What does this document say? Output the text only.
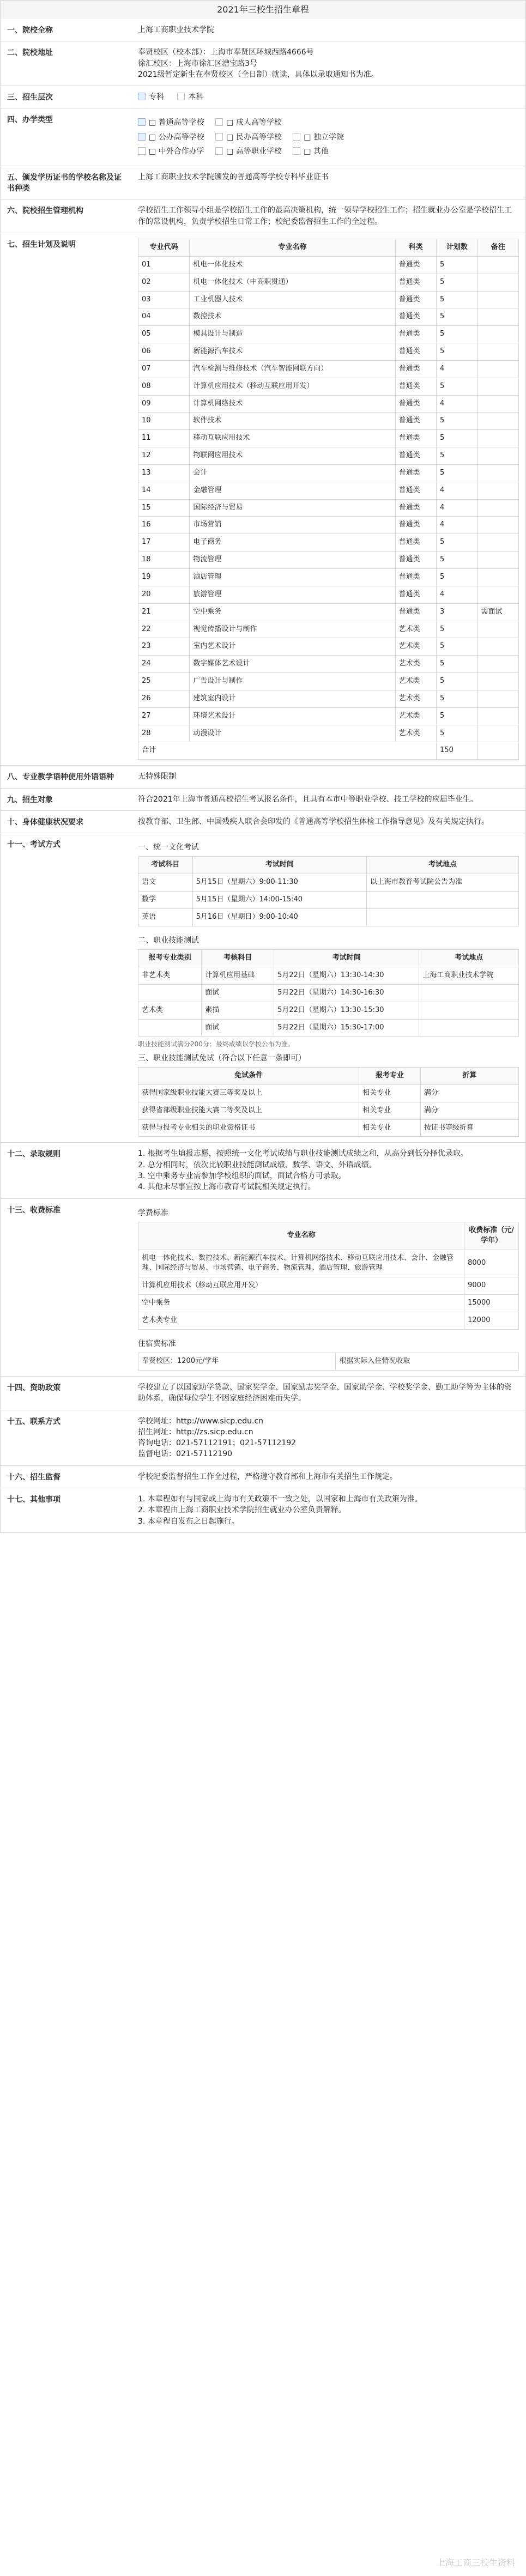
2021年三校生招生章程
一、院校全称	上海工商职业技术学院
二、院校地址	奉贤校区（校本部）：上海市奉贤区环城西路4666号
徐汇校区：上海市徐汇区漕宝路3号
2021级暂定新生在奉贤校区（全日制）就读，具体以录取通知书为准。
三、招生层次	专科	本科
四、办学类型	□ 普通高等学校	□ 成人高等学校
□ 公办高等学校	□ 民办高等学校	□ 独立学院
□ 中外合作办学	□ 高等职业学校	□ 其他
五、颁发学历证书的学校名称及证书种类
上海工商职业技术学院颁发的普通高等学校专科毕业证书
六、院校招生管理机构	学校招生工作领导小组是学校招生工作的最高决策机构，统一领导学校招生工作；招生就业办公室是学校招生工作的常设机构，负责学校招生日常工作；校纪委监督招生工作的全过程。
七、招生计划及说明	专业代码	专业名称	科类	计划数	备注
01	机电一体化技术	普通类	5	
02	机电一体化技术（中高职贯通）	普通类	5	
03	工业机器人技术	普通类	5	
04	数控技术	普通类	5	
05	模具设计与制造	普通类	5	
06	新能源汽车技术	普通类	5	
07	汽车检测与维修技术（汽车智能网联方向）	普通类	4	
08	计算机应用技术（移动互联应用开发）	普通类	5	
09	计算机网络技术	普通类	4	
10	软件技术	普通类	5	
11	移动互联应用技术	普通类	5	
12	物联网应用技术	普通类	5	
13	会计	普通类	5	
14	金融管理	普通类	4	
15	国际经济与贸易	普通类	4	
16	市场营销	普通类	4	
17	电子商务	普通类	5	
18	物流管理	普通类	5	
19	酒店管理	普通类	5	
20	旅游管理	普通类	4	
21	空中乘务	普通类	3	需面试
22	视觉传播设计与制作	艺术类	5	
23	室内艺术设计	艺术类	5	
24	数字媒体艺术设计	艺术类	5	
25	广告设计与制作	艺术类	5	
26	建筑室内设计	艺术类	5	
27	环境艺术设计	艺术类	5	
28	动漫设计	艺术类	5	
合计			150	
八、专业教学语种使用外语语种	无特殊限制
九、招生对象	符合2021年上海市普通高校招生考试报名条件，且具有本市中等职业学校、技工学校的应届毕业生。
十、身体健康状况要求	按教育部、卫生部、中国残疾人联合会印发的《普通高等学校招生体检工作指导意见》及有关规定执行。
十一、考试方式	一、统一文化考试
考试科目	考试时间	考试地点
语文	5月15日（星期六）9:00-11:30	以上海市教育考试院公告为准
数学	5月15日（星期六）14:00-15:40	
英语	5月16日（星期日）9:00-10:40	
二、职业技能测试
报考专业类别	考核科目	考试时间	考试地点
非艺术类	计算机应用基础	5月22日（星期六）13:30-14:30	上海工商职业技术学院
	面试	5月22日（星期六）14:30-16:30	
艺术类	素描	5月22日（星期六）13:30-15:30	
	面试	5月22日（星期六）15:30-17:00	
职业技能测试满分200分；最终成绩以学校公布为准。
三、职业技能测试免试（符合以下任意一条即可）
免试条件	报考专业	折算
获得国家级职业技能大赛三等奖及以上	相关专业	满分
获得省部级职业技能大赛二等奖及以上	相关专业	满分
获得与报考专业相关的职业资格证书	相关专业	按证书等级折算
十二、录取规则	1. 根据考生填报志愿，按照统一文化考试成绩与职业技能测试成绩之和，从高分到低分择优录取。
2. 总分相同时，依次比较职业技能测试成绩、数学、语文、外语成绩。
3. 空中乘务专业需参加学校组织的面试，面试合格方可录取。
4. 其他未尽事宜按上海市教育考试院相关规定执行。
十三、收费标准	学费标准
专业名称	收费标准（元/学年）
机电一体化技术、数控技术、新能源汽车技术、计算机网络技术、移动互联应用技术、会计、金融管理、国际经济与贸易、市场营销、电子商务、物流管理、酒店管理、旅游管理	8000
计算机应用技术（移动互联应用开发）	9000
空中乘务	15000
艺术类专业	12000
住宿费标准
奉贤校区：1200元/学年	根据实际入住情况收取
十四、资助政策	学校建立了以国家助学贷款、国家奖学金、国家励志奖学金、国家助学金、学校奖学金、勤工助学等为主体的资助体系，确保每位学生不因家庭经济困难而失学。
十五、联系方式	学校网址：http://www.sicp.edu.cn
招生网址：http://zs.sicp.edu.cn
咨询电话：021-57112191；021-57112192
监督电话：021-57112190
十六、招生监督	学校纪委监督招生工作全过程，严格遵守教育部和上海市有关招生工作规定。
十七、其他事项	1. 本章程如有与国家或上海市有关政策不一致之处，以国家和上海市有关政策为准。
2. 本章程由上海工商职业技术学院招生就业办公室负责解释。
3. 本章程自发布之日起施行。
上海工商三校生资料
